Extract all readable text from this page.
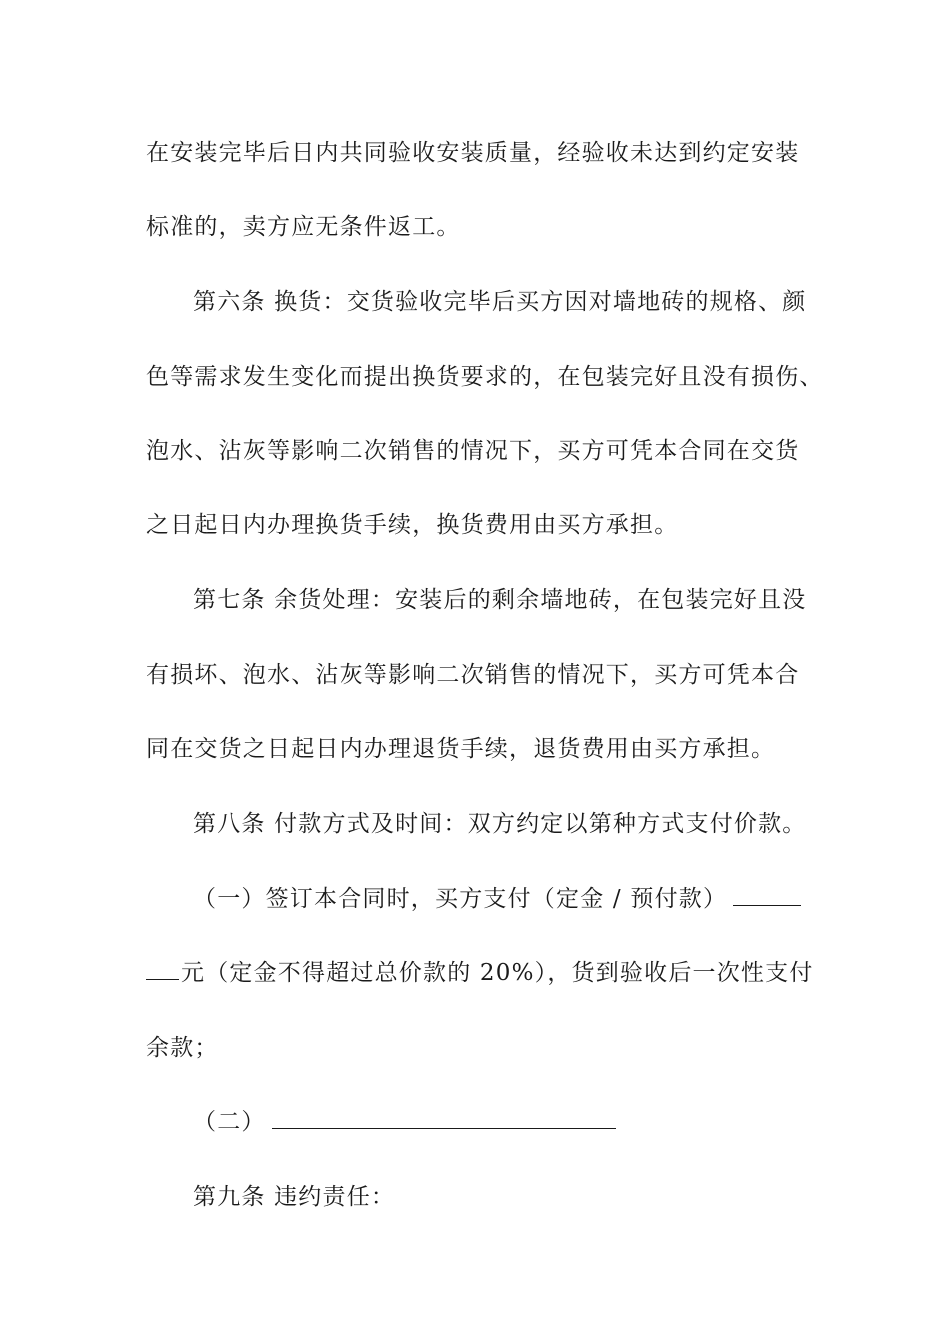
在安装完毕后日内共同验收安装质量，经验收未达到约定安装
标准的，卖方应无条件返工。
第六条 换货：交货验收完毕后买方因对墙地砖的规格、颜
色等需求发生变化而提出换货要求的，在包装完好且没有损伤、
泡水、沾灰等影响二次销售的情况下，买方可凭本合同在交货
之日起日内办理换货手续，换货费用由买方承担。
第七条 余货处理：安装后的剩余墙地砖，在包装完好且没
有损坏、泡水、沾灰等影响二次销售的情况下，买方可凭本合
同在交货之日起日内办理退货手续，退货费用由买方承担。
第八条 付款方式及时间：双方约定以第种方式支付价款。
（一）签订本合同时，买方支付（定金 / 预付款）
元（定金不得超过总价款的 20%），货到验收后一次性支付
余款；
（二）
第九条 违约责任：
